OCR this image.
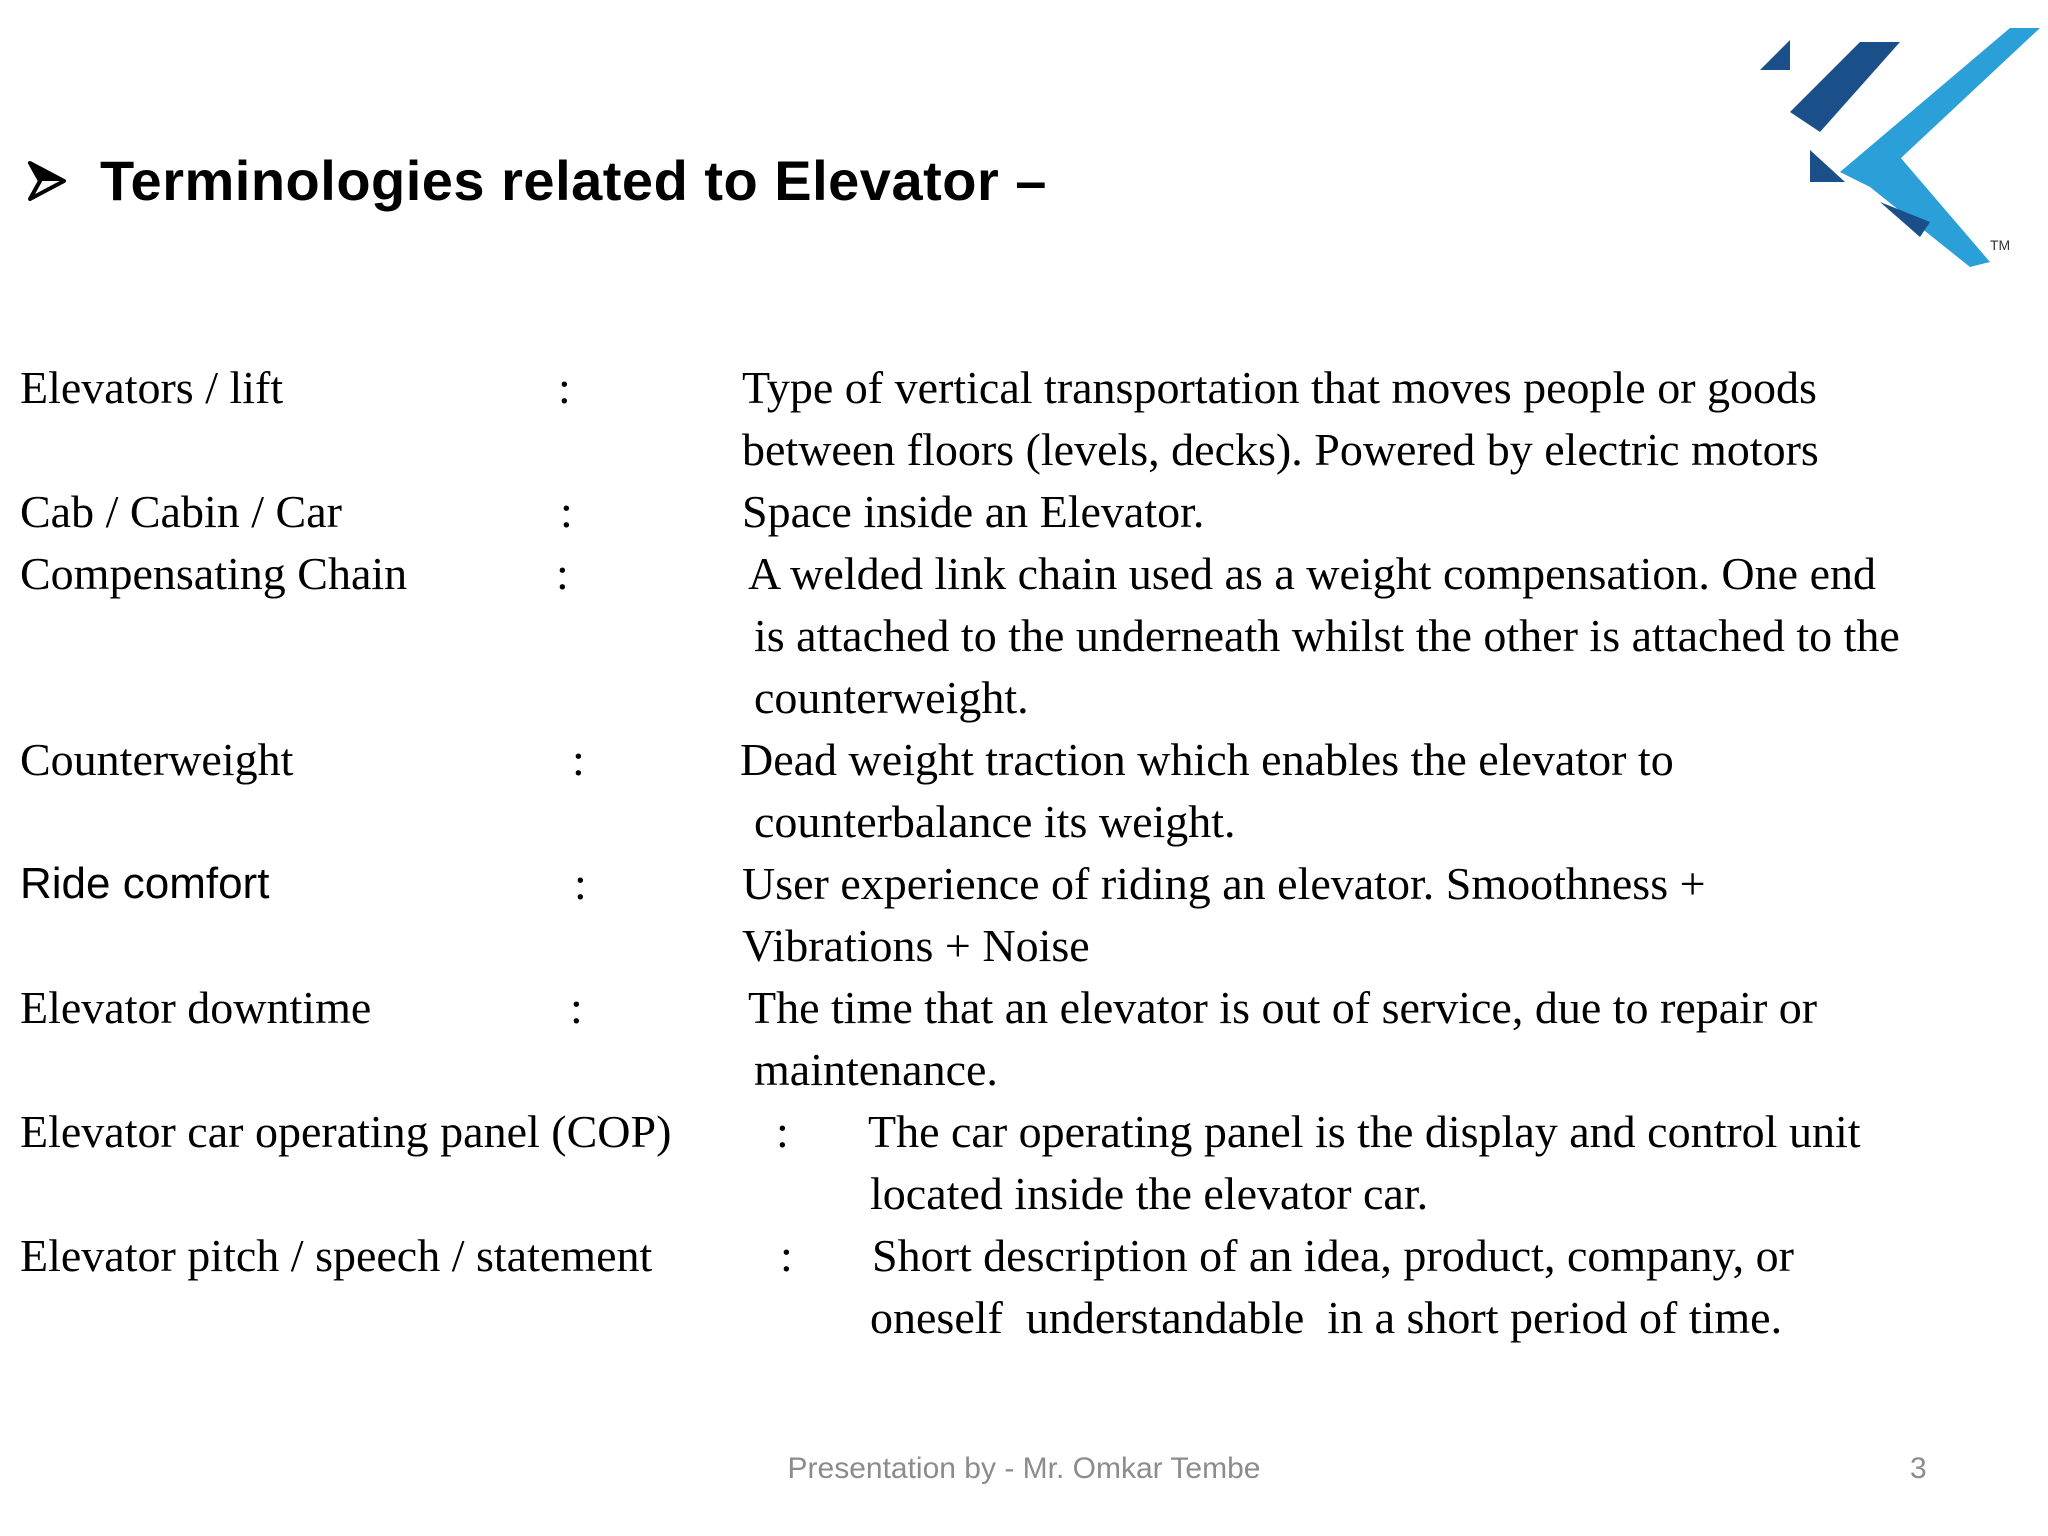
TM
Terminologies related to Elevator –
Elevators / lift	:	Type of vertical transportation that moves people or goods
between floors (levels, decks). Powered by electric motors
Cab / Cabin / Car	:	Space inside an Elevator.
Compensating Chain	:	A welded link chain used as a weight compensation. One end
is attached to the underneath whilst the other is attached to the
counterweight.
Counterweight	:	Dead weight traction which enables the elevator to
counterbalance its weight.
Ride comfort	:	User experience of riding an elevator. Smoothness +
Vibrations + Noise
Elevator downtime	:	The time that an elevator is out of service, due to repair or
maintenance.
Elevator car operating panel (COP) : The car operating panel is the display and control unit
located inside the elevator car.
Elevator pitch / speech / statement	: Short description of an idea, product, company, or
oneself  understandable  in a short period of time.
Presentation by - Mr. Omkar Tembe	3
